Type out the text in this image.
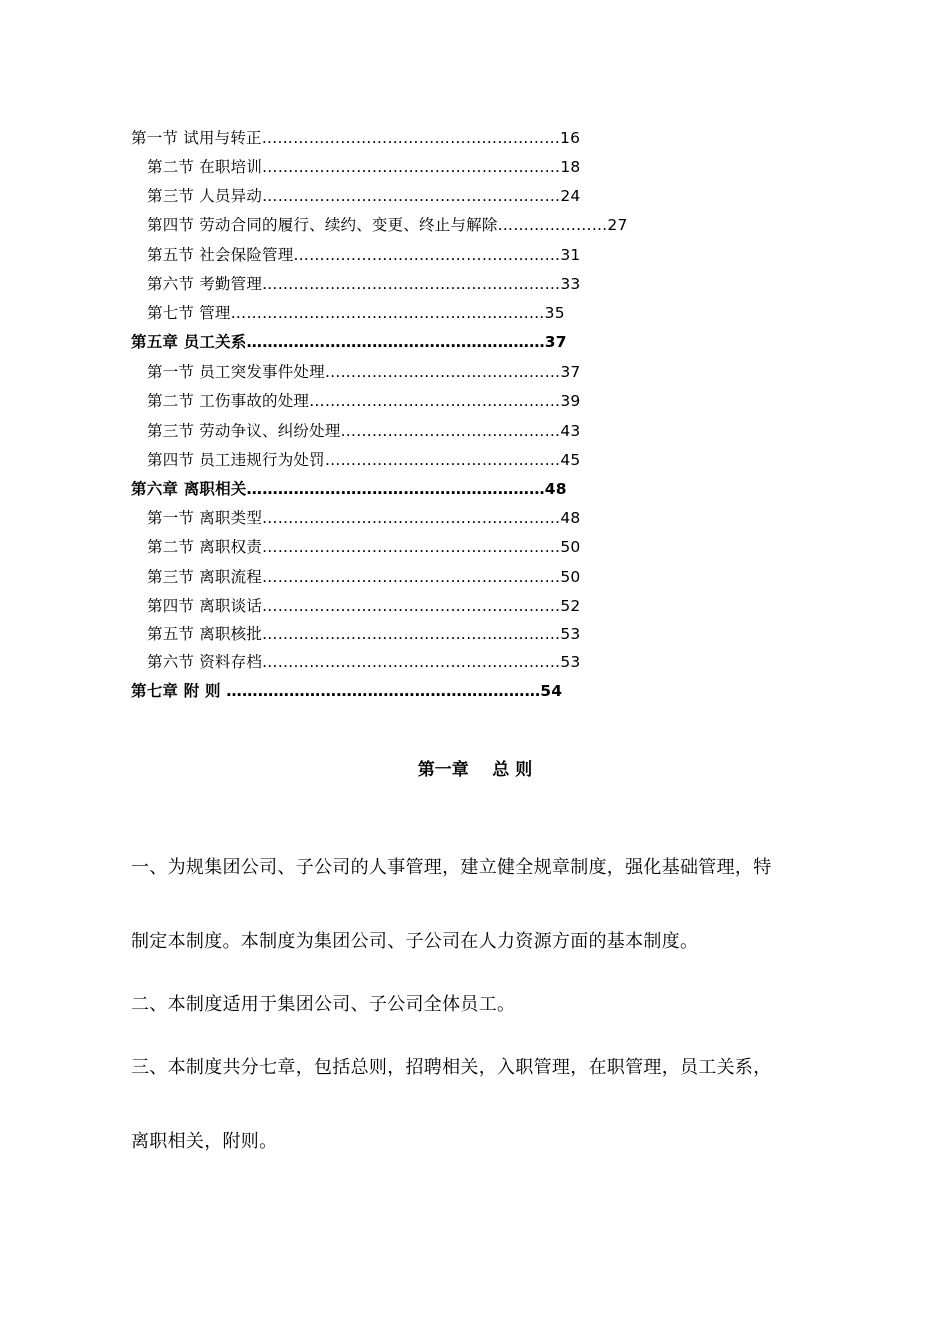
第一节 试用与转正…………………………………………………16
第二节 在职培训…………………………………………………18
第三节 人员异动…………………………………………………24
第四节 劳动合同的履行、续约、变更、终止与解除…………………27
第五节 社会保险管理……………………………………………31
第六节 考勤管理…………………………………………………33
第七节 管理……………………………………………………35
第五章 员工关系…………………………………………………37
第一节 员工突发事件处理………………………………………37
第二节 工伤事故的处理…………………………………………39
第三节 劳动争议、纠纷处理……………………………………43
第四节 员工违规行为处罚………………………………………45
第六章 离职相关…………………………………………………48
第一节 离职类型…………………………………………………48
第二节 离职权责…………………………………………………50
第三节 离职流程…………………………………………………50
第四节 离职谈话…………………………………………………52
第五节 离职核批…………………………………………………53
第六节 资料存档…………………………………………………53
第七章 附 则 ……………………………………………………54
第一章    总 则
一、为规集团公司、子公司的人事管理，建立健全规章制度，强化基础管理，特
制定本制度。本制度为集团公司、子公司在人力资源方面的基本制度。
二、本制度适用于集团公司、子公司全体员工。
三、本制度共分七章，包括总则，招聘相关，入职管理，在职管理，员工关系，
离职相关，附则。
